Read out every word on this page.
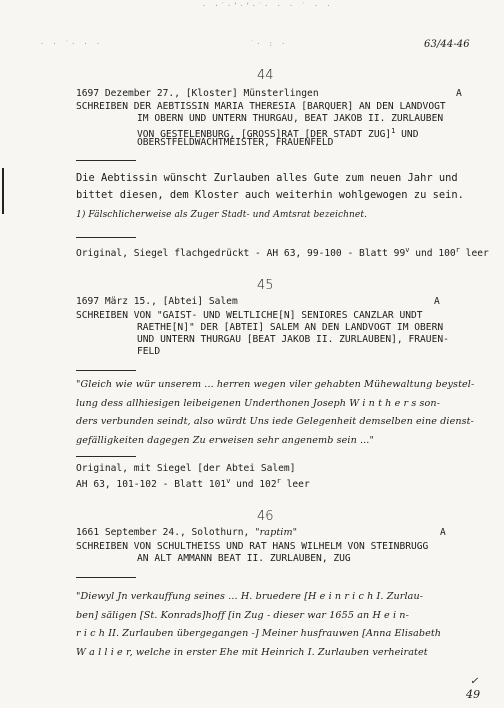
· ·˙·’·‘·˙· · · ˙ · ·
· · ˙· · ·	˙· : ·	63/44-46
44
1697 Dezember 27., [Kloster] Münsterlingen	A
SCHREIBEN DER AEBTISSIN MARIA THERESIA [BARQUER] AN DEN LANDVOGT
IM OBERN UND UNTERN THURGAU, BEAT JAKOB II. ZURLAUBEN
VON GESTELENBURG, [GROSS]RAT [DER STADT ZUG]$^1$ UND
OBERSTFELDWACHTMEISTER, FRAUENFELD
Die Aebtissin wünscht Zurlauben alles Gute zum neuen Jahr und
bittet diesen, dem Kloster auch weiterhin wohlgewogen zu sein.
1) Fälschlicherweise als Zuger Stadt- und Amtsrat bezeichnet.
Original, Siegel flachgedrückt - AH 63, 99-100 - Blatt 99$^v$ und 100$^r$ leer
45
1697 März 15., [Abtei] Salem	A
SCHREIBEN VON "GAIST- UND WELTLICHE[N] SENIORES CANZLAR UNDT
RAETHE[N]" DER [ABTEI] SALEM AN DEN LANDVOGT IM OBERN
UND UNTERN THURGAU [BEAT JAKOB II. ZURLAUBEN], FRAUEN-
FELD
"Gleich wie wür unserem ... herren wegen viler gehabten Mühewaltung beystel-
lung dess allhiesigen leibeigenen Underthonen Joseph W i n t h e r s son-
ders verbunden seindt, also würdt Uns iede Gelegenheit demselben eine dienst-
gefälligkeiten dagegen Zu erweisen sehr angenemb sein ..."
Original, mit Siegel [der Abtei Salem]
AH 63, 101-102 - Blatt 101$^v$ und 102$^r$ leer
46
1661 September 24., Solothurn, "raptim"	A
SCHREIBEN VON SCHULTHEISS UND RAT HANS WILHELM VON STEINBRUGG
AN ALT AMMANN BEAT II. ZURLAUBEN, ZUG
"Diewyl Jn verkauffung seines ... H. bruedere [H e i n r i c h I. Zurlau-
ben] säligen [St. Konrads]hoff [in Zug - dieser war 1655 an H e i n-
r i c h II. Zurlauben übergegangen -] Meiner husfrauwen [Anna Elisabeth
W a l l i e r, welche in erster Ehe mit Heinrich I. Zurlauben verheiratet
✓
49
